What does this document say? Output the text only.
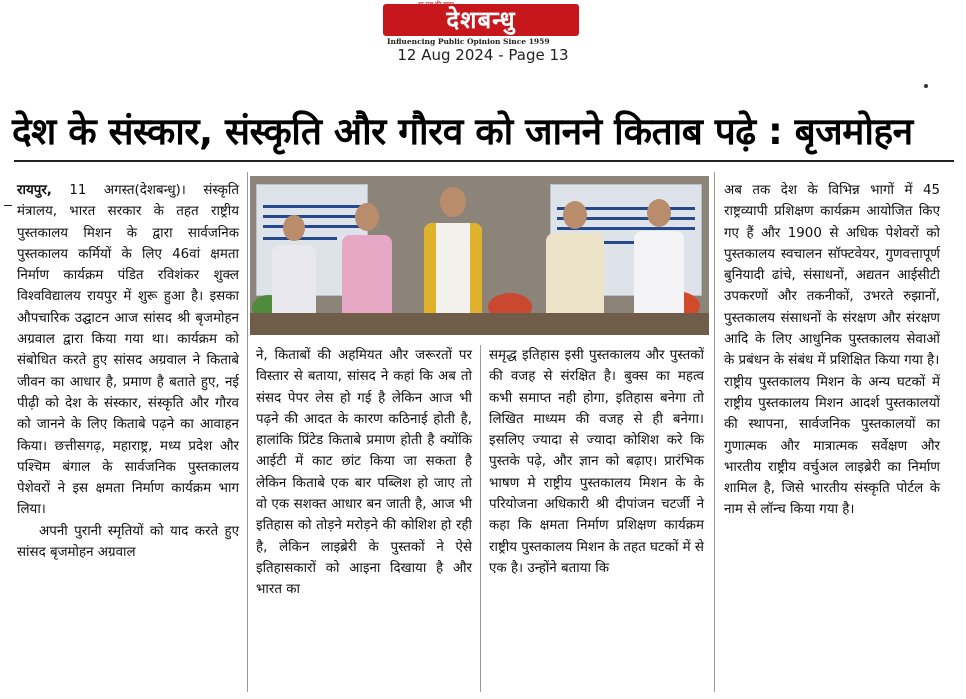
देशबन्धु
Influencing Public Opinion Since 1959
12 Aug 2024 - Page 13
देश के संस्कार, संस्कृति और गौरव को जानने किताब पढ़े : बृजमोहन

रायपुर, 11 अगस्त(देशबन्धु)। संस्कृति मंत्रालय, भारत सरकार के तहत राष्ट्रीय पुस्तकालय मिशन के द्वारा सार्वजनिक पुस्तकालय कर्मियों के लिए 46वां क्षमता निर्माण कार्यक्रम पंडित रविशंकर शुक्ल विश्वविद्यालय रायपुर में शुरू हुआ है। इसका औपचारिक उद्घाटन आज सांसद श्री बृजमोहन अग्रवाल द्वारा किया गया था। कार्यक्रम को संबोधित करते हुए सांसद अग्रवाल ने किताबे जीवन का आधार है, प्रमाण है बताते हुए, नई पीढ़ी को देश के संस्कार, संस्कृति और गौरव को जानने के लिए किताबे पढ़ने का आवाहन किया। छत्तीसगढ़, महाराष्ट्र, मध्य प्रदेश और पश्चिम बंगाल के सार्वजनिक पुस्तकालय पेशेवरों ने इस क्षमता निर्माण कार्यक्रम भाग लिया।

अपनी पुरानी स्मृतियों को याद करते हुए सांसद बृजमोहन अग्रवाल

ने, किताबों की अहमियत और जरूरतों पर विस्तार से बताया, सांसद ने कहां कि अब तो संसद पेपर लेस हो गई है लेकिन आज भी पढ़ने की आदत के कारण कठिनाई होती है, हालांकि प्रिंटेड किताबे प्रमाण होती है क्योंकि आईटी में काट छांट किया जा सकता है लेकिन किताबे एक बार पब्लिश हो जाए तो वो एक सशक्त आधार बन जाती है, आज भी इतिहास को तोड़ने मरोड़ने की कोशिश हो रही है, लेकिन लाइब्रेरी के पुस्तकों ने ऐसे इतिहासकारों को आइना दिखाया है और भारत का

समृद्ध इतिहास इसी पुस्तकालय और पुस्तकों की वजह से संरक्षित है। बुक्स का महत्व कभी समाप्त नही होगा, इतिहास बनेगा तो लिखित माध्यम की वजह से ही बनेगा। इसलिए ज्यादा से ज्यादा कोशिश करे कि पुस्तके पढ़े, और ज्ञान को बढ़ाए। प्रारंभिक भाषण मे राष्ट्रीय पुस्तकालय मिशन के के परियोजना अधिकारी श्री दीपांजन चटर्जी ने कहा कि क्षमता निर्माण प्रशिक्षण कार्यक्रम राष्ट्रीय पुस्तकालय मिशन के तहत घटकों में से एक है। उन्होंने बताया कि

अब तक देश के विभिन्न भागों में 45 राष्ट्रव्यापी प्रशिक्षण कार्यक्रम आयोजित किए गए हैं और 1900 से अधिक पेशेवरों को पुस्तकालय स्वचालन सॉफ्टवेयर, गुणवत्तापूर्ण बुनियादी ढांचे, संसाधनों, अद्यतन आईसीटी उपकरणों और तकनीकों, उभरते रुझानों, पुस्तकालय संसाधनों के संरक्षण और संरक्षण आदि के लिए आधुनिक पुस्तकालय सेवाओं के प्रबंधन के संबंध में प्रशिक्षित किया गया है।

राष्ट्रीय पुस्तकालय मिशन के अन्य घटकों में राष्ट्रीय पुस्तकालय मिशन आदर्श पुस्तकालयों की स्थापना, सार्वजनिक पुस्तकालयों का गुणात्मक और मात्रात्मक सर्वेक्षण और भारतीय राष्ट्रीय वर्चुअल लाइब्रेरी का निर्माण शामिल है, जिसे भारतीय संस्कृति पोर्टल के नाम से लॉन्च किया गया है।
